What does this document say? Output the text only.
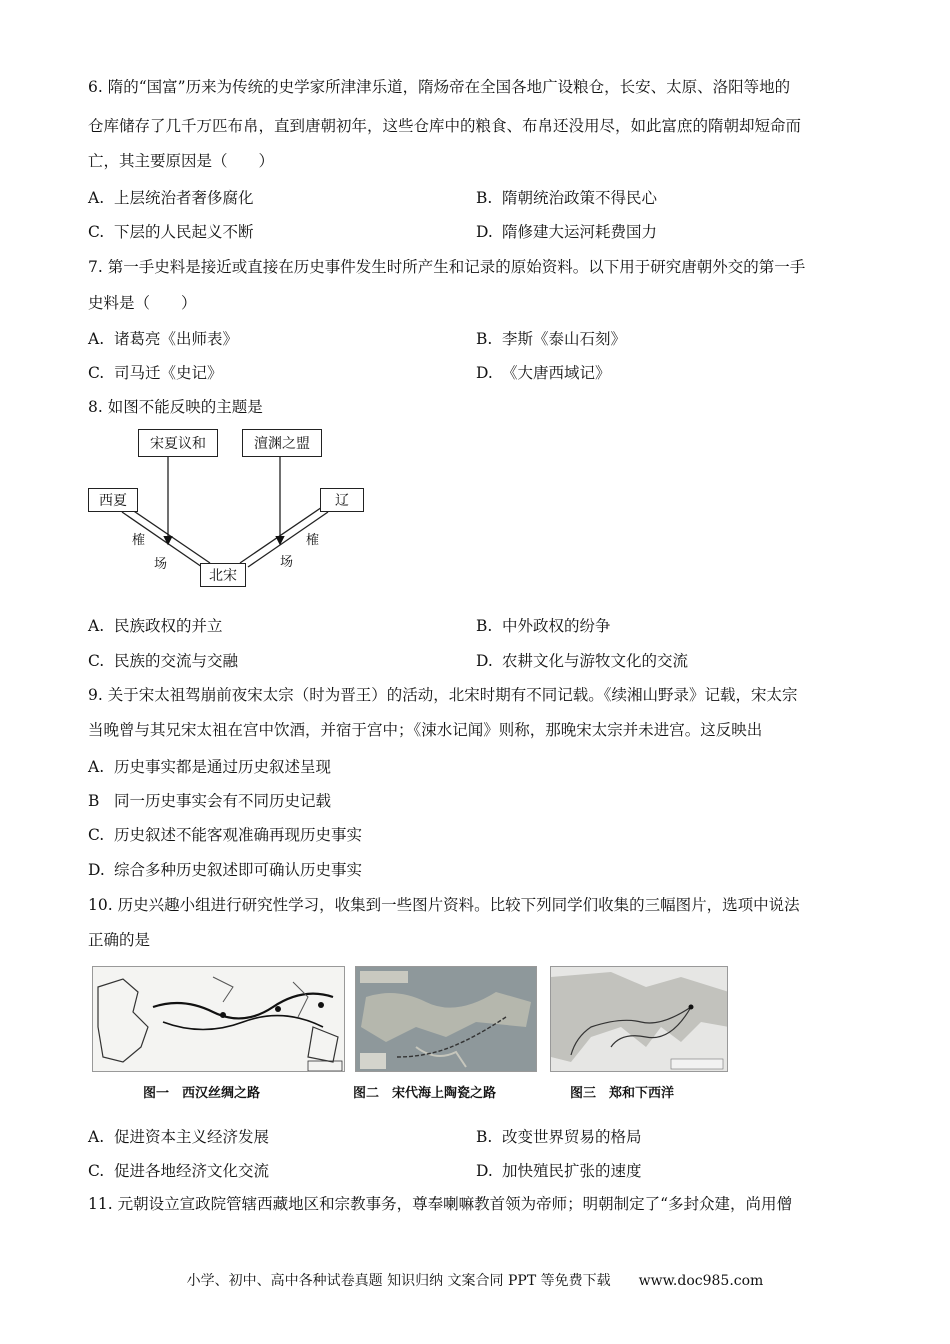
6. 隋的“国富”历来为传统的史学家所津津乐道，隋炀帝在全国各地广设粮仓，长安、太原、洛阳等地的
仓库储存了几千万匹布帛，直到唐朝初年，这些仓库中的粮食、布帛还没用尽，如此富庶的隋朝却短命而
亡，其主要原因是（　　）
A. 上层统治者奢侈腐化	B. 隋朝统治政策不得民心
C. 下层的人民起义不断	D. 隋修建大运河耗费国力
7. 第一手史料是接近或直接在历史事件发生时所产生和记录的原始资料。以下用于研究唐朝外交的第一手
史料是（　　）
A. 诸葛亮《出师表》	B. 李斯《泰山石刻》
C. 司马迁《史记》	D. 《大唐西域记》
8. 如图不能反映的主题是
宋夏议和	澶渊之盟
西夏	辽
北宋
榷
场
榷
场
A. 民族政权的并立	B. 中外政权的纷争
C. 民族的交流与交融	D. 农耕文化与游牧文化的交流
9. 关于宋太祖驾崩前夜宋太宗（时为晋王）的活动，北宋时期有不同记载。《续湘山野录》记载，宋太宗
当晚曾与其兄宋太祖在宫中饮酒，并宿于宫中；《涑水记闻》则称，那晚宋太宗并未进宫。这反映出
A. 历史事实都是通过历史叙述呈现
B 同一历史事实会有不同历史记载
C. 历史叙述不能客观准确再现历史事实
D. 综合多种历史叙述即可确认历史事实
10. 历史兴趣小组进行研究性学习，收集到一些图片资料。比较下列同学们收集的三幅图片，选项中说法
正确的是
图一　西汉丝绸之路	图二　宋代海上陶瓷之路	图三　郑和下西洋
A. 促进资本主义经济发展	B. 改变世界贸易的格局
C. 促进各地经济文化交流	D. 加快殖民扩张的速度
11. 元朝设立宣政院管辖西藏地区和宗教事务，尊奉喇嘛教首领为帝师；明朝制定了“多封众建，尚用僧
小学、初中、高中各种试卷真题 知识归纳 文案合同 PPT 等免费下载　　www.doc985.com
